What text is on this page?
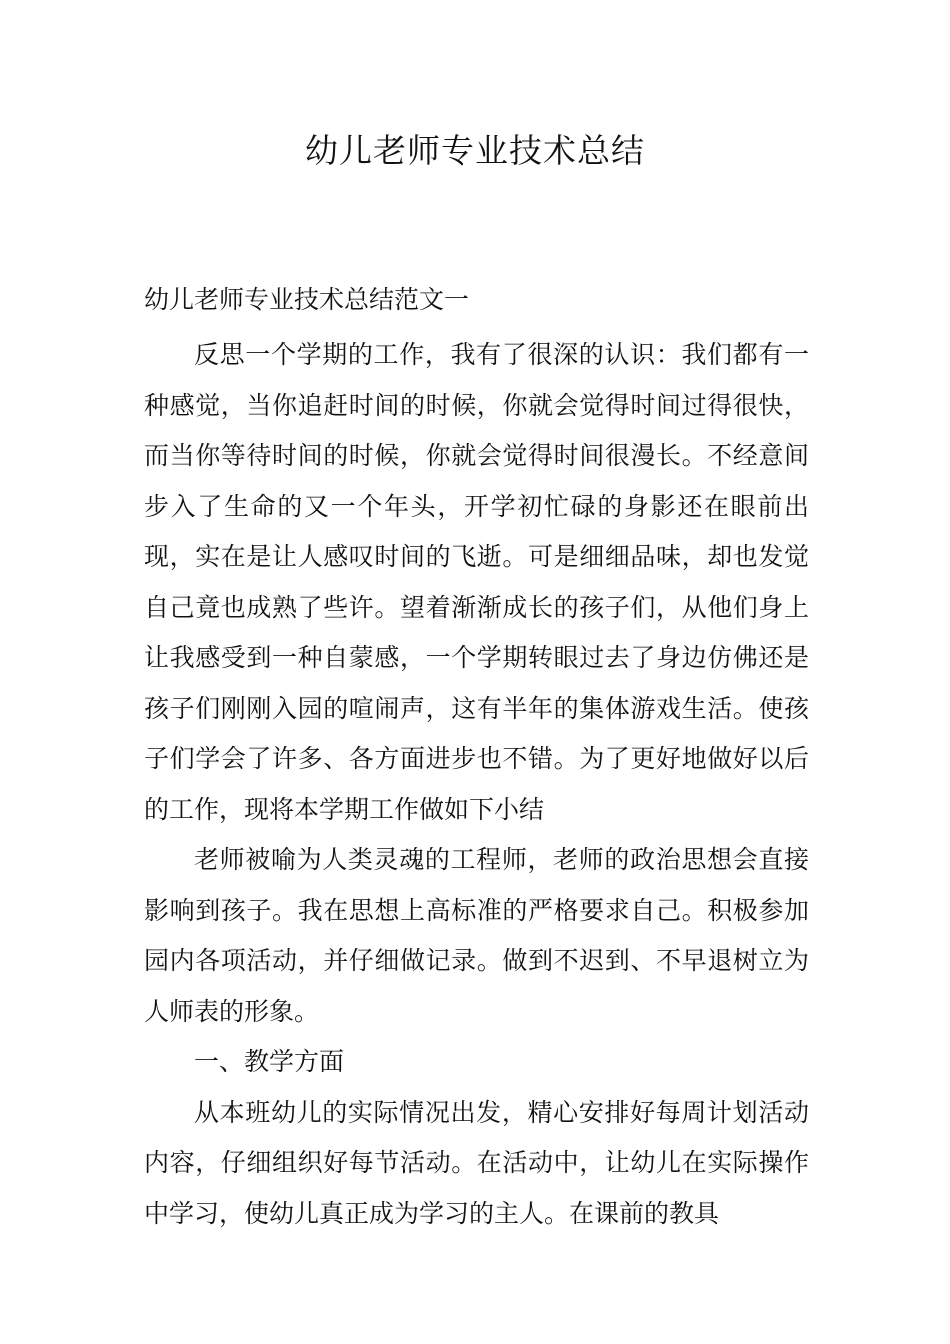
幼儿老师专业技术总结

幼儿老师专业技术总结范文一

反思一个学期的工作，我有了很深的认识：我们都有一种感觉，当你追赶时间的时候，你就会觉得时间过得很快，而当你等待时间的时候，你就会觉得时间很漫长。不经意间步入了生命的又一个年头，开学初忙碌的身影还在眼前出现，实在是让人感叹时间的飞逝。可是细细品味，却也发觉自己竟也成熟了些许。望着渐渐成长的孩子们，从他们身上让我感受到一种自蒙感，一个学期转眼过去了身边仿佛还是孩子们刚刚入园的喧闹声，这有半年的集体游戏生活。使孩子们学会了许多、各方面进步也不错。为了更好地做好以后的工作，现将本学期工作做如下小结

老师被喻为人类灵魂的工程师，老师的政治思想会直接影响到孩子。我在思想上高标准的严格要求自己。积极参加园内各项活动，并仔细做记录。做到不迟到、不早退树立为人师表的形象。

一、教学方面

从本班幼儿的实际情况出发，精心安排好每周计划活动内容，仔细组织好每节活动。在活动中，让幼儿在实际操作中学习，使幼儿真正成为学习的主人。在课前的教具
